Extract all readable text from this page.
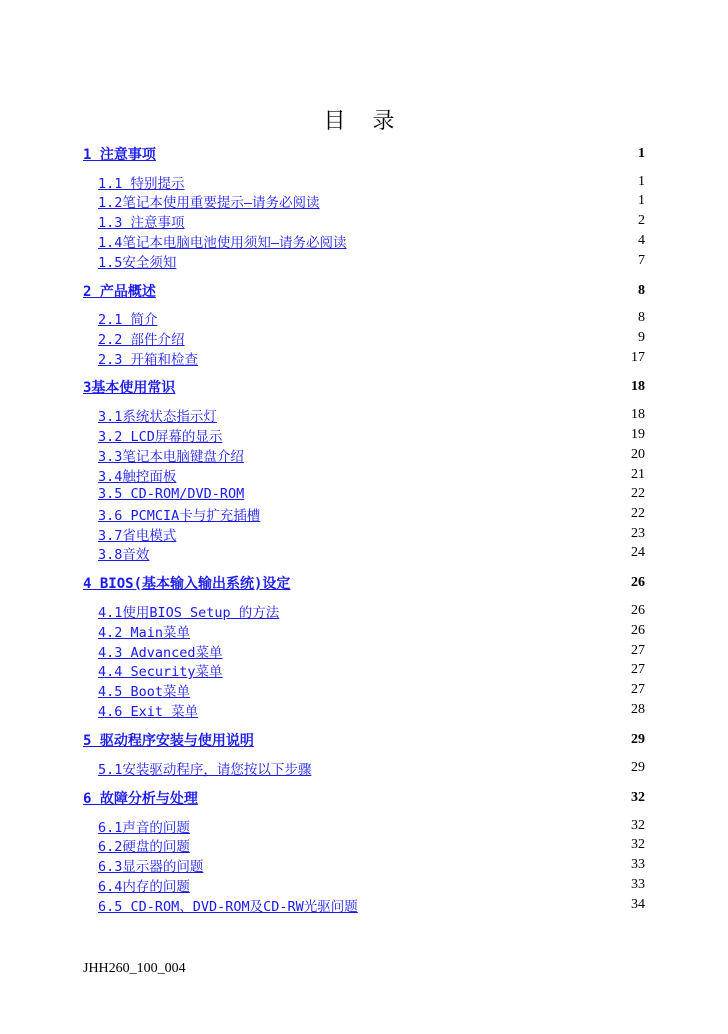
目 录
1 注意事项	1
1.1 特别提示	1
1.2笔记本使用重要提示—请务必阅读	1
1.3 注意事项	2
1.4笔记本电脑电池使用须知—请务必阅读	4
1.5安全须知	7
2 产品概述	8
2.1 简介	8
2.2 部件介绍	9
2.3 开箱和检查	17
3基本使用常识	18
3.1系统状态指示灯	18
3.2 LCD屏幕的显示	19
3.3笔记本电脑键盘介绍	20
3.4触控面板	21
3.5 CD-ROM/DVD-ROM	22
3.6 PCMCIA卡与扩充插槽	22
3.7省电模式	23
3.8音效	24
4 BIOS(基本输入输出系统)设定	26
4.1使用BIOS Setup 的方法	26
4.2 Main菜单	26
4.3 Advanced菜单	27
4.4 Security菜单	27
4.5 Boot菜单	27
4.6 Exit 菜单	28
5 驱动程序安装与使用说明	29
5.1安装驱动程序，请您按以下步骤	29
6 故障分析与处理	32
6.1声音的问题	32
6.2硬盘的问题	32
6.3显示器的问题	33
6.4内存的问题	33
6.5 CD-ROM、DVD-ROM及CD-RW光驱问题	34
JHH260_100_004
